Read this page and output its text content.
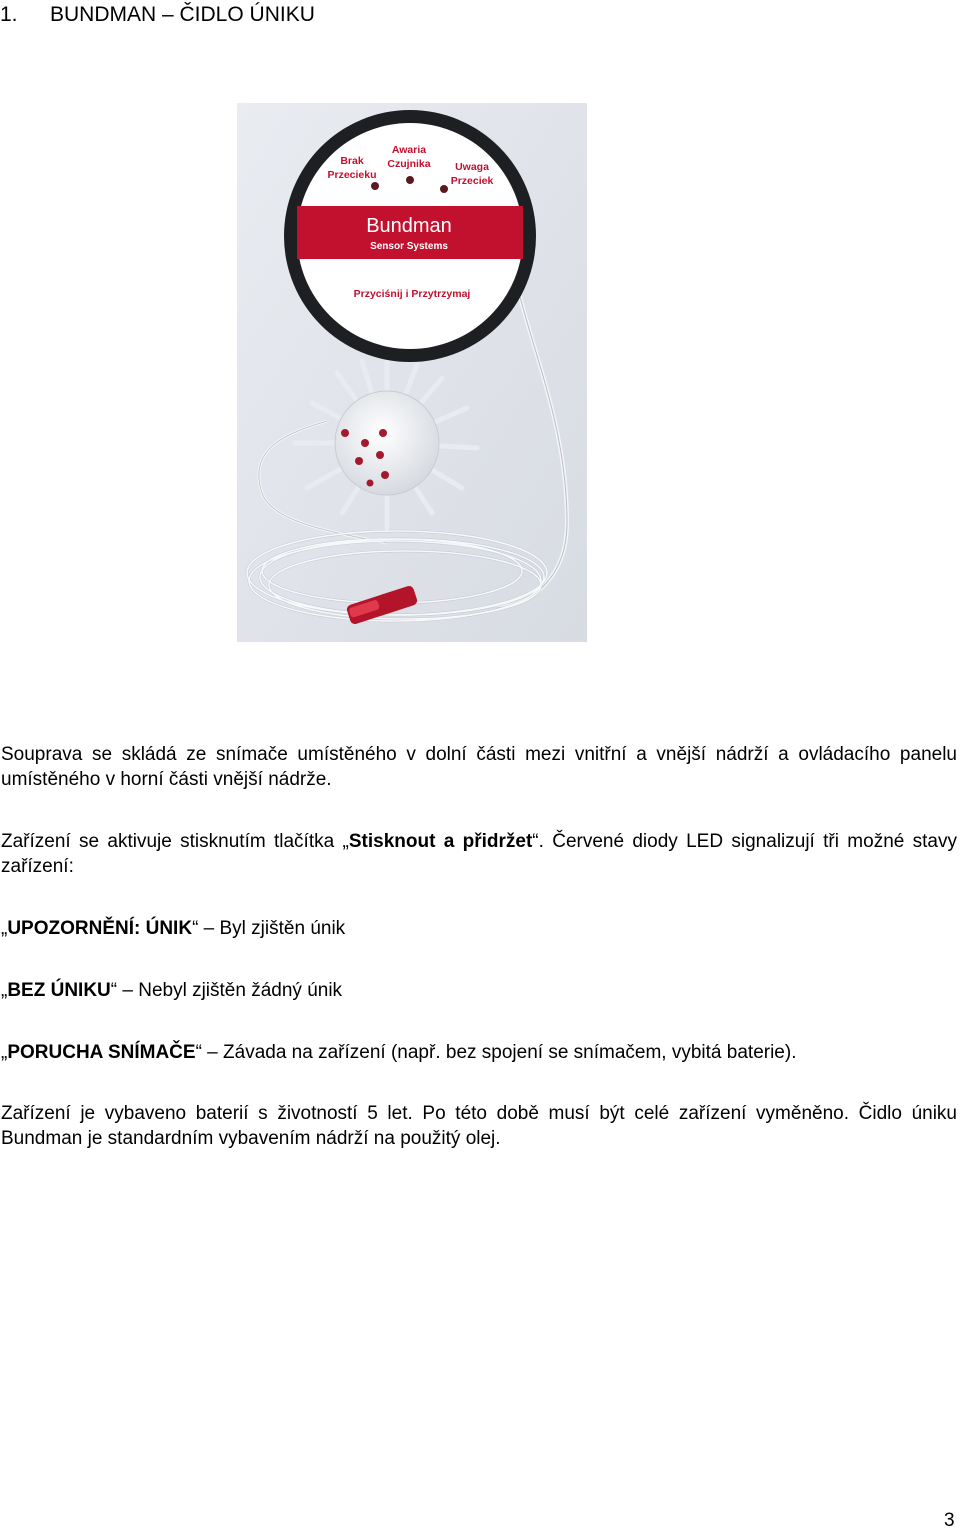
1. BUNDMAN – ČIDLO ÚNIKU
Brak
Przecieku
Awaria
Czujnika Uwaga
Przeciek
Bundman
Sensor Systems
Przyciśnij i Przytrzymaj

Souprava se skládá ze snímače umístěného v dolní části mezi vnitřní a vnější nádrží a ovládacího panelu umístěného v horní části vnější nádrže.

Zařízení se aktivuje stisknutím tlačítka „Stisknout a přidržet“. Červené diody LED signalizují tři možné stavy zařízení:

„UPOZORNĚNÍ: ÚNIK“ – Byl zjištěn únik

„BEZ ÚNIKU“ – Nebyl zjištěn žádný únik

„PORUCHA SNÍMAČE“ – Závada na zařízení (např. bez spojení se snímačem, vybitá baterie).

Zařízení je vybaveno baterií s životností 5 let. Po této době musí být celé zařízení vyměněno. Čidlo úniku Bundman je standardním vybavením nádrží na použitý olej.

3
